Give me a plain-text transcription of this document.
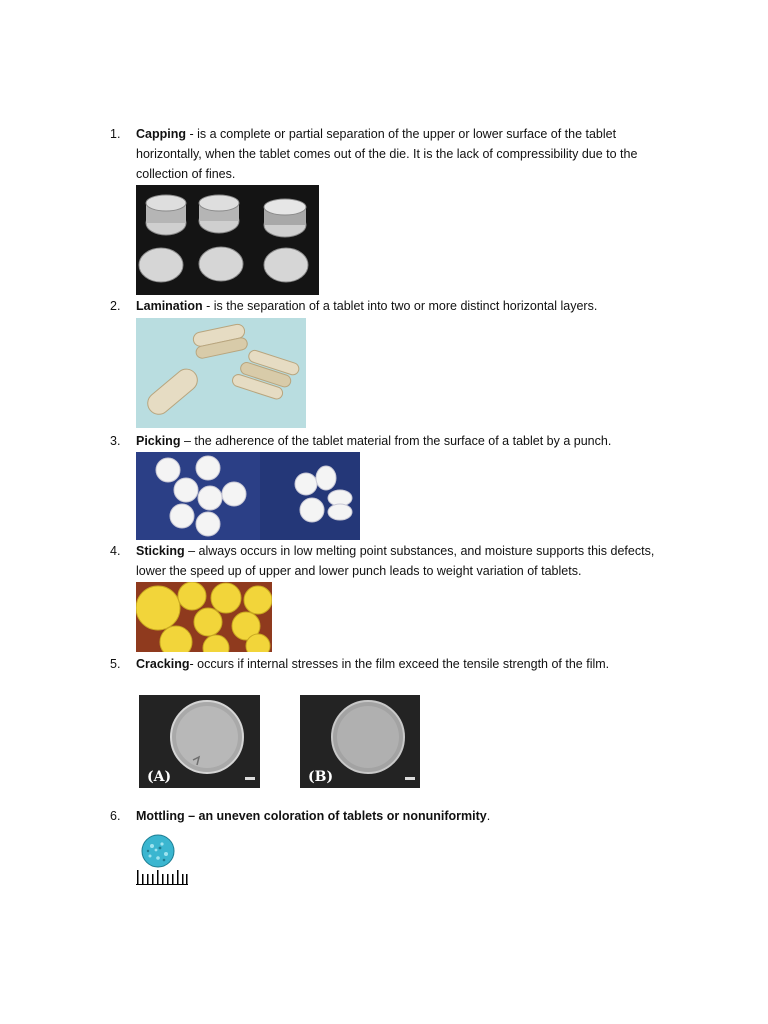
1.	Capping - is a complete or partial separation of the upper or lower surface of the tablet horizontally, when the tablet comes out of the die. It is the lack of compressibility due to the collection of fines.
2.	Lamination - is the separation of a tablet into two or more distinct horizontal layers.
3.	Picking – the adherence of the tablet material from the surface of a tablet by a punch.
4.	Sticking – always occurs in low melting point substances, and moisture supports this defects, lower the speed up of upper and lower punch leads to weight variation of tablets.
5.	Cracking- occurs if internal stresses in the film exceed the tensile strength of the film.
(A)	(B)
6.	Mottling – an uneven coloration of tablets or nonuniformity.
